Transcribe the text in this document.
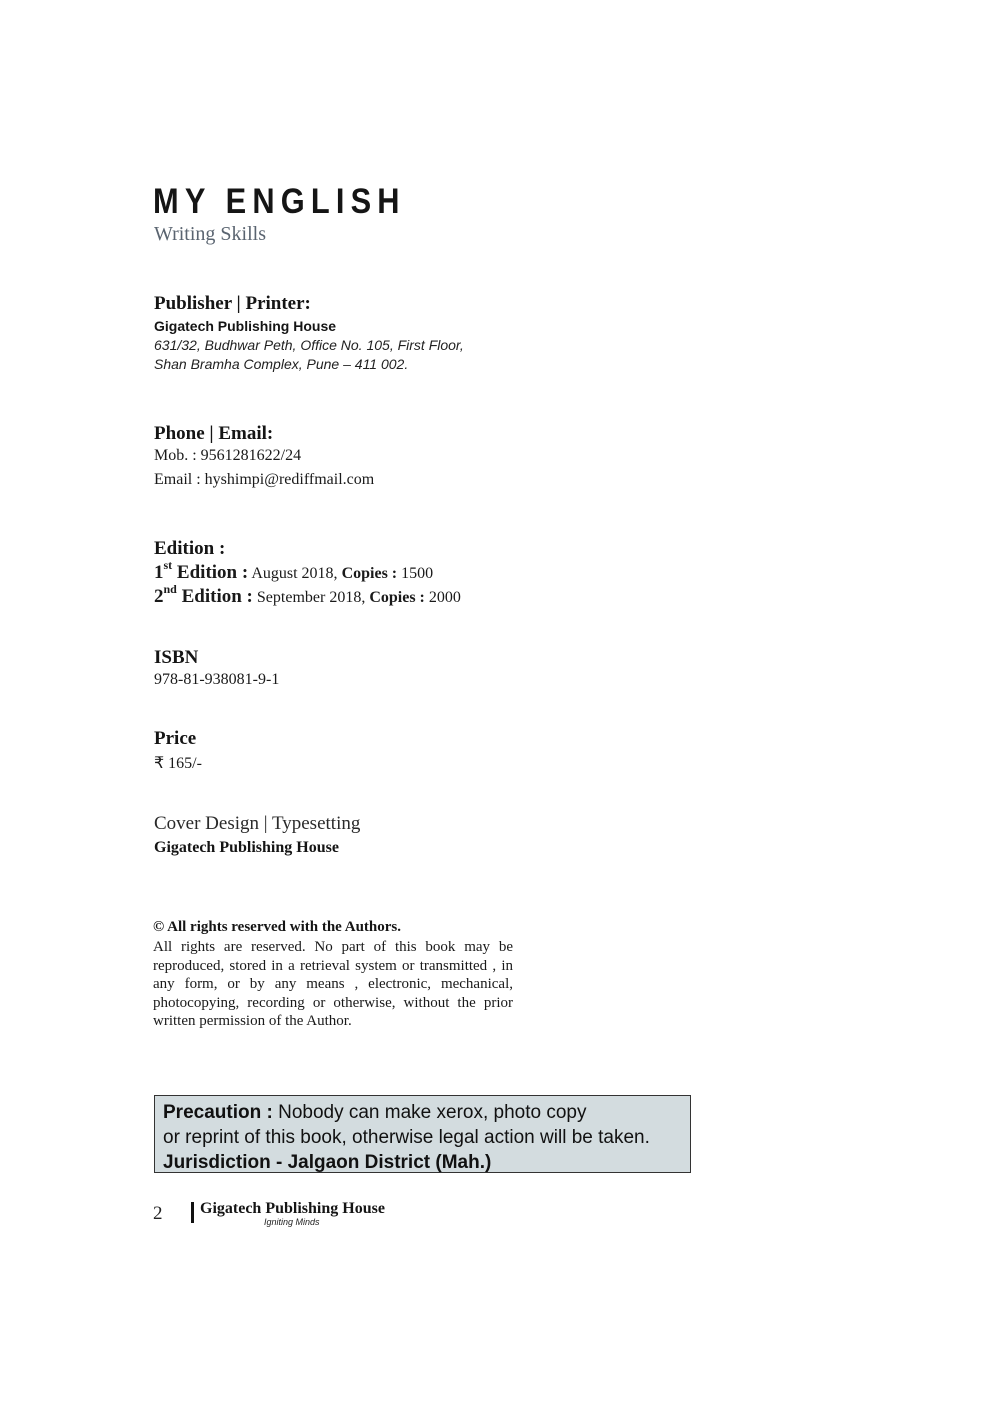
MY ENGLISH
Writing Skills
Publisher | Printer:
Gigatech Publishing House
631/32, Budhwar Peth, Office No. 105, First Floor,
Shan Bramha Complex, Pune – 411 002.
Phone | Email:
Mob. : 9561281622/24
Email : hyshimpi@rediffmail.com
Edition :
1st Edition : August 2018, Copies : 1500
2nd Edition : September 2018, Copies : 2000
ISBN
978-81-938081-9-1
Price
₹ 165/-
Cover Design | Typesetting
Gigatech Publishing House
© All rights reserved with the Authors.
All rights are reserved. No part of this book may be reproduced, stored in a retrieval system or transmitted , in any form, or by any means , electronic, mechanical, photocopying, recording or otherwise, without the prior written permission of the Author.
Precaution : Nobody can make xerox, photo copy
or reprint of this book, otherwise legal action will be taken.
Jurisdiction - Jalgaon District (Mah.)
2 Gigatech Publishing House
Igniting Minds
